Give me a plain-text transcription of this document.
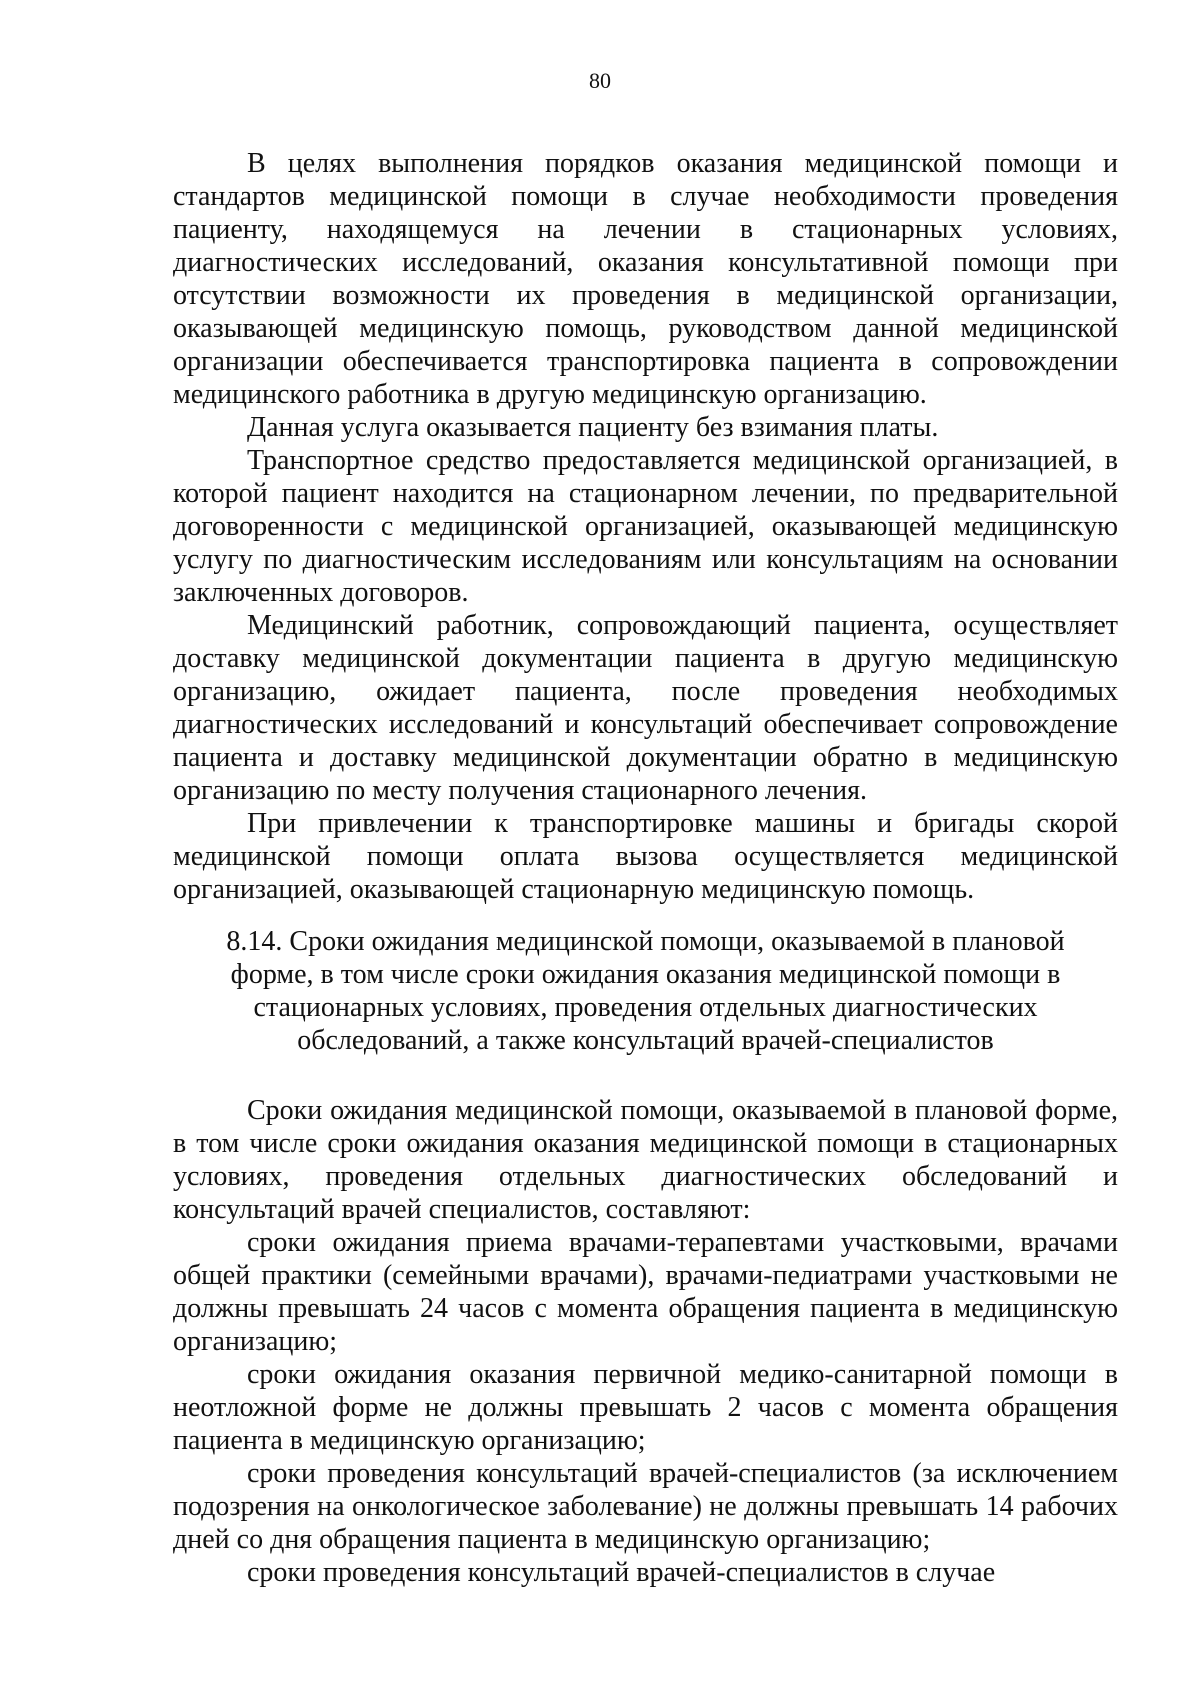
80

В целях выполнения порядков оказания медицинской помощи и стандартов медицинской помощи в случае необходимости проведения пациенту, находящемуся на лечении в стационарных условиях, диагностических исследований, оказания консультативной помощи при отсутствии возможности их проведения в медицинской организации, оказывающей медицинскую помощь, руководством данной медицинской организации обеспечивается транспортировка пациента в сопровождении медицинского работника в другую медицинскую организацию.

Данная услуга оказывается пациенту без взимания платы.

Транспортное средство предоставляется медицинской организацией, в которой пациент находится на стационарном лечении, по предварительной договоренности с медицинской организацией, оказывающей медицинскую услугу по диагностическим исследованиям или консультациям на основании заключенных договоров.

Медицинский работник, сопровождающий пациента, осуществляет доставку медицинской документации пациента в другую медицинскую организацию, ожидает пациента, после проведения необходимых диагностических исследований и консультаций обеспечивает сопровождение пациента и доставку медицинской документации обратно в медицинскую организацию по месту получения стационарного лечения.

При привлечении к транспортировке машины и бригады скорой медицинской помощи оплата вызова осуществляется медицинской организацией, оказывающей стационарную медицинскую помощь.

8.14. Сроки ожидания медицинской помощи, оказываемой в плановой
форме, в том числе сроки ожидания оказания медицинской помощи в
стационарных условиях, проведения отдельных диагностических
обследований, а также консультаций врачей-специалистов

Сроки ожидания медицинской помощи, оказываемой в плановой форме, в том числе сроки ожидания оказания медицинской помощи в стационарных условиях, проведения отдельных диагностических обследований и консультаций врачей специалистов, составляют:

сроки ожидания приема врачами-терапевтами участковыми, врачами общей практики (семейными врачами), врачами-педиатрами участковыми не должны превышать 24 часов с момента обращения пациента в медицинскую организацию;

сроки ожидания оказания первичной медико-санитарной помощи в неотложной форме не должны превышать 2 часов с момента обращения пациента в медицинскую организацию;

сроки проведения консультаций врачей-специалистов (за исключением подозрения на онкологическое заболевание) не должны превышать 14 рабочих дней со дня обращения пациента в медицинскую организацию;

сроки проведения консультаций врачей-специалистов в случае
